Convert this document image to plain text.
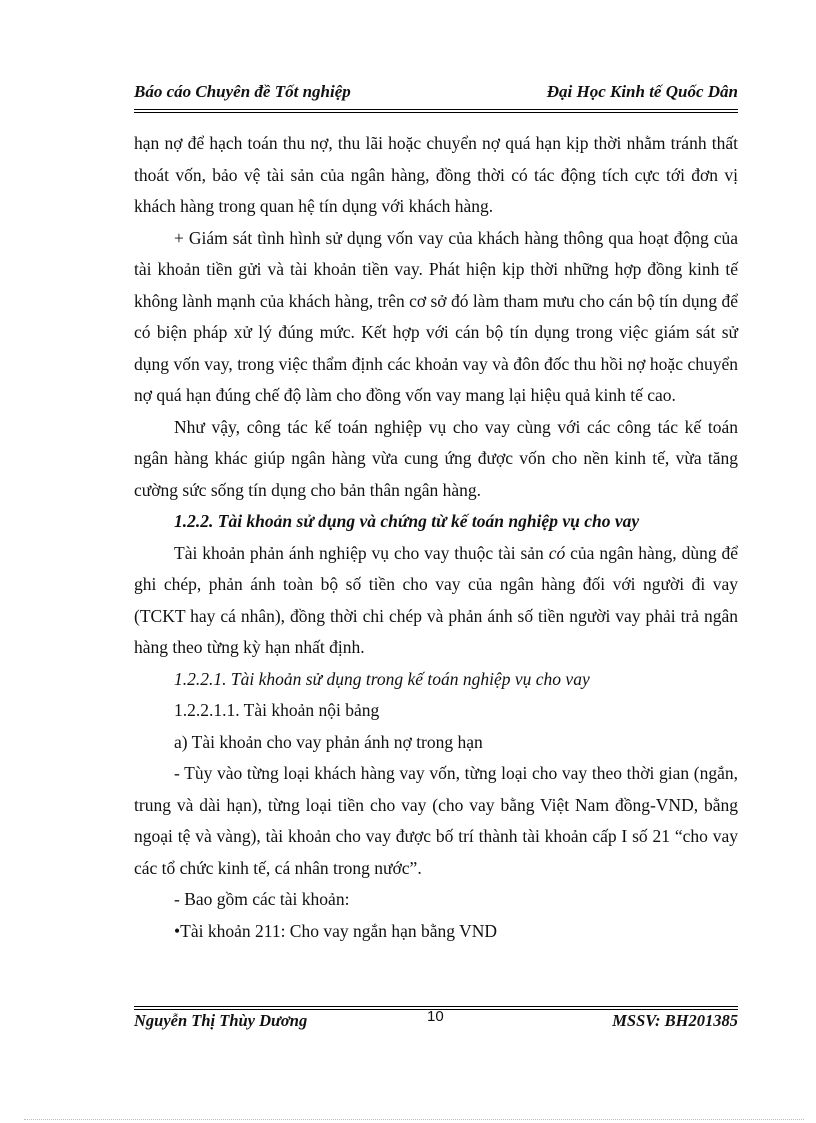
Báo cáo Chuyên đề Tốt nghiệp	Đại Học Kinh tế Quốc Dân

hạn nợ để hạch toán thu nợ, thu lãi hoặc chuyển nợ quá hạn kịp thời nhằm tránh thất thoát vốn, bảo vệ tài sản của ngân hàng, đồng thời có tác động tích cực tới đơn vị khách hàng trong quan hệ tín dụng với khách hàng.

+ Giám sát tình hình sử dụng vốn vay của khách hàng thông qua hoạt động của tài khoản tiền gửi và tài khoản tiền vay. Phát hiện kịp thời những hợp đồng kinh tế không lành mạnh của khách hàng, trên cơ sở đó làm tham mưu cho cán bộ tín dụng để có biện pháp xử lý đúng mức. Kết hợp với cán bộ tín dụng trong việc giám sát sử dụng vốn vay, trong việc thẩm định các khoản vay và đôn đốc thu hồi nợ hoặc chuyển nợ quá hạn đúng chế độ làm cho đồng vốn vay mang lại hiệu quả kinh tế cao.

Như vậy, công tác kế toán nghiệp vụ cho vay cùng với các công tác kế toán ngân hàng khác giúp ngân hàng vừa cung ứng được vốn cho nền kinh tế, vừa tăng cường sức sống tín dụng cho bản thân ngân hàng.

1.2.2. Tài khoản sử dụng và chứng từ kế toán nghiệp vụ cho vay

Tài khoản phản ánh nghiệp vụ cho vay thuộc tài sản có của ngân hàng, dùng để ghi chép, phản ánh toàn bộ số tiền cho vay của ngân hàng đối với người đi vay (TCKT hay cá nhân), đồng thời chi chép và phản ánh số tiền người vay phải trả ngân hàng theo từng kỳ hạn nhất định.

1.2.2.1. Tài khoản sử dụng trong kế toán nghiệp vụ cho vay

1.2.2.1.1. Tài khoản nội bảng

a) Tài khoản cho vay phản ánh nợ trong hạn

- Tùy vào từng loại khách hàng vay vốn, từng loại cho vay theo thời gian (ngắn, trung và dài hạn), từng loại tiền cho vay (cho vay bằng Việt Nam đồng-VND, bằng ngoại tệ và vàng), tài khoản cho vay được bố trí thành tài khoản cấp I số 21 “cho vay các tổ chức kinh tế, cá nhân trong nước”.

- Bao gồm các tài khoản:

•Tài khoản 211: Cho vay ngắn hạn bằng VND

Nguyễn Thị Thùy Dương	10	MSSV: BH201385
